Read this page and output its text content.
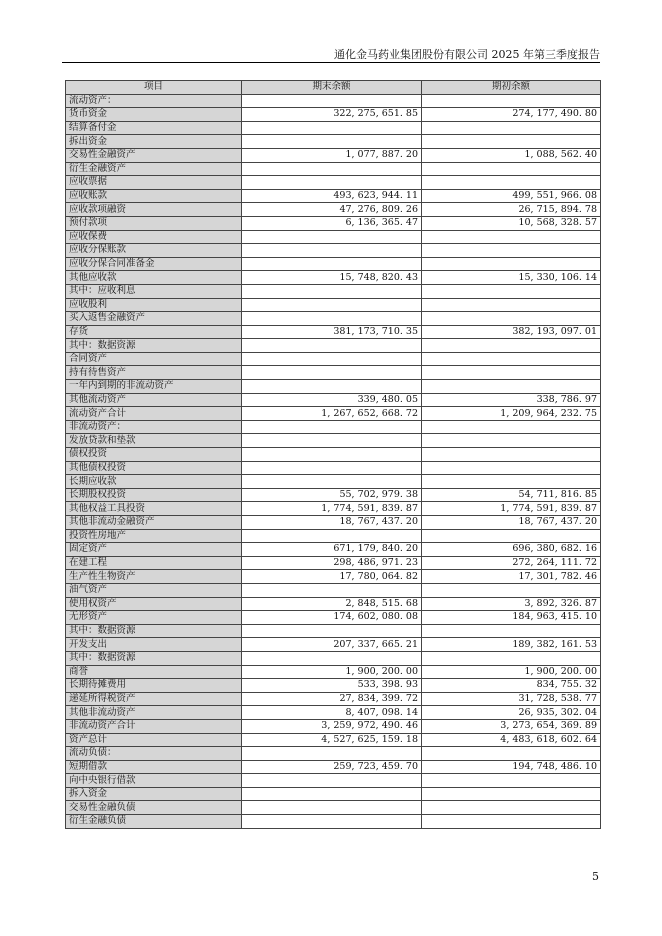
通化金马药业集团股份有限公司 2025 年第三季度报告
项目	期末余额	期初余额
流动资产：		
货币资金	322, 275, 651. 85	274, 177, 490. 80
结算备付金		
拆出资金		
交易性金融资产	1, 077, 887. 20	1, 088, 562. 40
衍生金融资产		
应收票据		
应收账款	493, 623, 944. 11	499, 551, 966. 08
应收款项融资	47, 276, 809. 26	26, 715, 894. 78
预付款项	6, 136, 365. 47	10, 568, 328. 57
应收保费		
应收分保账款		
应收分保合同准备金		
其他应收款	15, 748, 820. 43	15, 330, 106. 14
其中：应收利息		
应收股利		
买入返售金融资产		
存货	381, 173, 710. 35	382, 193, 097. 01
其中：数据资源		
合同资产		
持有待售资产		
一年内到期的非流动资产		
其他流动资产	339, 480. 05	338, 786. 97
流动资产合计	1, 267, 652, 668. 72	1, 209, 964, 232. 75
非流动资产：		
发放贷款和垫款		
债权投资		
其他债权投资		
长期应收款		
长期股权投资	55, 702, 979. 38	54, 711, 816. 85
其他权益工具投资	1, 774, 591, 839. 87	1, 774, 591, 839. 87
其他非流动金融资产	18, 767, 437. 20	18, 767, 437. 20
投资性房地产		
固定资产	671, 179, 840. 20	696, 380, 682. 16
在建工程	298, 486, 971. 23	272, 264, 111. 72
生产性生物资产	17, 780, 064. 82	17, 301, 782. 46
油气资产		
使用权资产	2, 848, 515. 68	3, 892, 326. 87
无形资产	174, 602, 080. 08	184, 963, 415. 10
其中：数据资源		
开发支出	207, 337, 665. 21	189, 382, 161. 53
其中：数据资源		
商誉	1, 900, 200. 00	1, 900, 200. 00
长期待摊费用	533, 398. 93	834, 755. 32
递延所得税资产	27, 834, 399. 72	31, 728, 538. 77
其他非流动资产	8, 407, 098. 14	26, 935, 302. 04
非流动资产合计	3, 259, 972, 490. 46	3, 273, 654, 369. 89
资产总计	4, 527, 625, 159. 18	4, 483, 618, 602. 64
流动负债：		
短期借款	259, 723, 459. 70	194, 748, 486. 10
向中央银行借款		
拆入资金		
交易性金融负债		
衍生金融负债		
5
